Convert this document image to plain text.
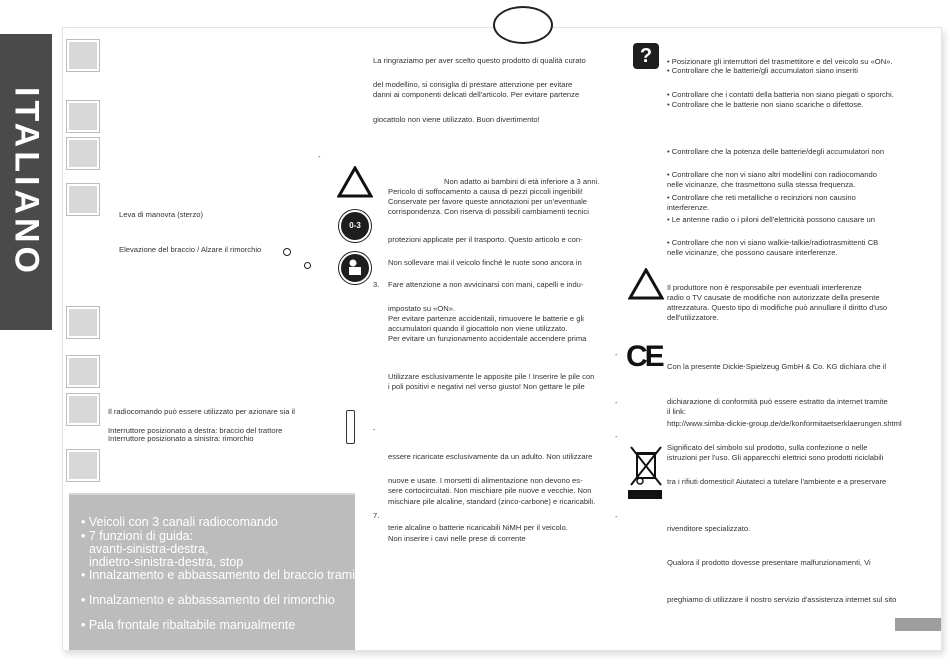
ITALIANO	Leva di manovra (sterzo)
Elevazione del braccio / Alzare il rimorchio
Il radiocomando può essere utilizzato per azionare sia il
Interruttore posizionato a destra: braccio del trattore
Interruttore posizionato a sinistra: rimorchio
• Veicoli con 3 canali radiocomando
• 7 funzioni di guida:
avanti-sinistra-destra,
indietro-sinistra-destra, stop
• Innalzamento e abbassamento del braccio tramite
• Innalzamento e abbassamento del rimorchio
• Pala frontale ribaltabile manualmente
La ringraziamo per aver scelto questo prodotto di qualità curato
del modellino, si consiglia di prestare attenzione per evitare
danni ai componenti delicati dell'articolo. Per evitare partenze
giocattolo non viene utilizzato. Buon divertimento!
-
0-3
Non adatto ai bambini di età inferiore a 3 anni.
Pericolo di soffocamento a causa di pezzi piccoli ingeribili!
Conservate per favore queste annotazioni per un'eventuale
corrispondenza. Con riserva di possibili cambiamenti tecnici
protezioni applicate per il trasporto. Questo articolo e con-
Non sollevare mai il veicolo finché le ruote sono ancora in
3. Fare attenzione a non avvicinarsi con mani, capelli e indu-
impostato su «ON».
Per evitare partenze accidentali, rimuovere le batterie e gli
accumulatori quando il giocattolo non viene utilizzato.
Per evitare un funzionamento accidentale accendere prima
-
Utilizzare esclusivamente le apposite pile ! Inserire le pile con
i poli positivi e negativi nel verso giusto! Non gettare le pile
-
-
-
essere ricaricate esclusivamente da un adulto. Non utilizzare
nuove e usate. I morsetti di alimentazione non devono es-
sere cortocircuitati. Non mischiare pile nuove e vecchie. Non
mischiare pile alcaline, standard (zinco-carbone) e ricaricabili.
7.	-
terie alcaline o batterie ricaricabili NiMH per il veicolo.
Non inserire i cavi nelle prese di corrente
?	• Posizionare gli interruttori del trasmettitore e del veicolo su «ON».
• Controllare che le batterie/gli accumulatori siano inseriti
• Controllare che i contatti della batteria non siano piegati o sporchi.
• Controllare che le batterie non siano scariche o difettose.
• Controllare che la potenza delle batterie/degli accumulatori non
• Controllare che non vi siano altri modellini con radiocomando
nelle vicinanze, che trasmettono sulla stessa frequenza.
• Controllare che reti metalliche o recinzioni non causino
interferenze.
• Le antenne radio o i piloni dell'elettricità possono causare un
• Controllare che non vi siano walkie-talkie/radiotrasmittenti CB
nelle vicinanze, che possono causare interferenze.
Il produttore non è responsabile per eventuali interferenze
radio o TV causate de modifiche non autorizzate della presente
attrezzatura. Questo tipo di modifiche può annullare il diritto d'uso
dell'utilizzatore.
CE Con la presente Dickie-Spielzeug GmbH & Co. KG dichiara che il
dichiarazione di conformità può essere estratto da internet tramite
il link:
http://www.simba-dickie-group.de/de/konformitaetserklaerungen.shtml
Significato del simbolo sul prodotto, sulla confezione o nelle
istruzioni per l'uso. Gli apparecchi elettrici sono prodotti riciclabili
tra i rifiuti domestici! Aiutateci a tutelare l'ambiente e a preservare
rivenditore specializzato.
Qualora il prodotto dovesse presentare malfunzionamenti, Vi
preghiamo di utilizzare il nostro servizio d'assistenza internet sul sito
